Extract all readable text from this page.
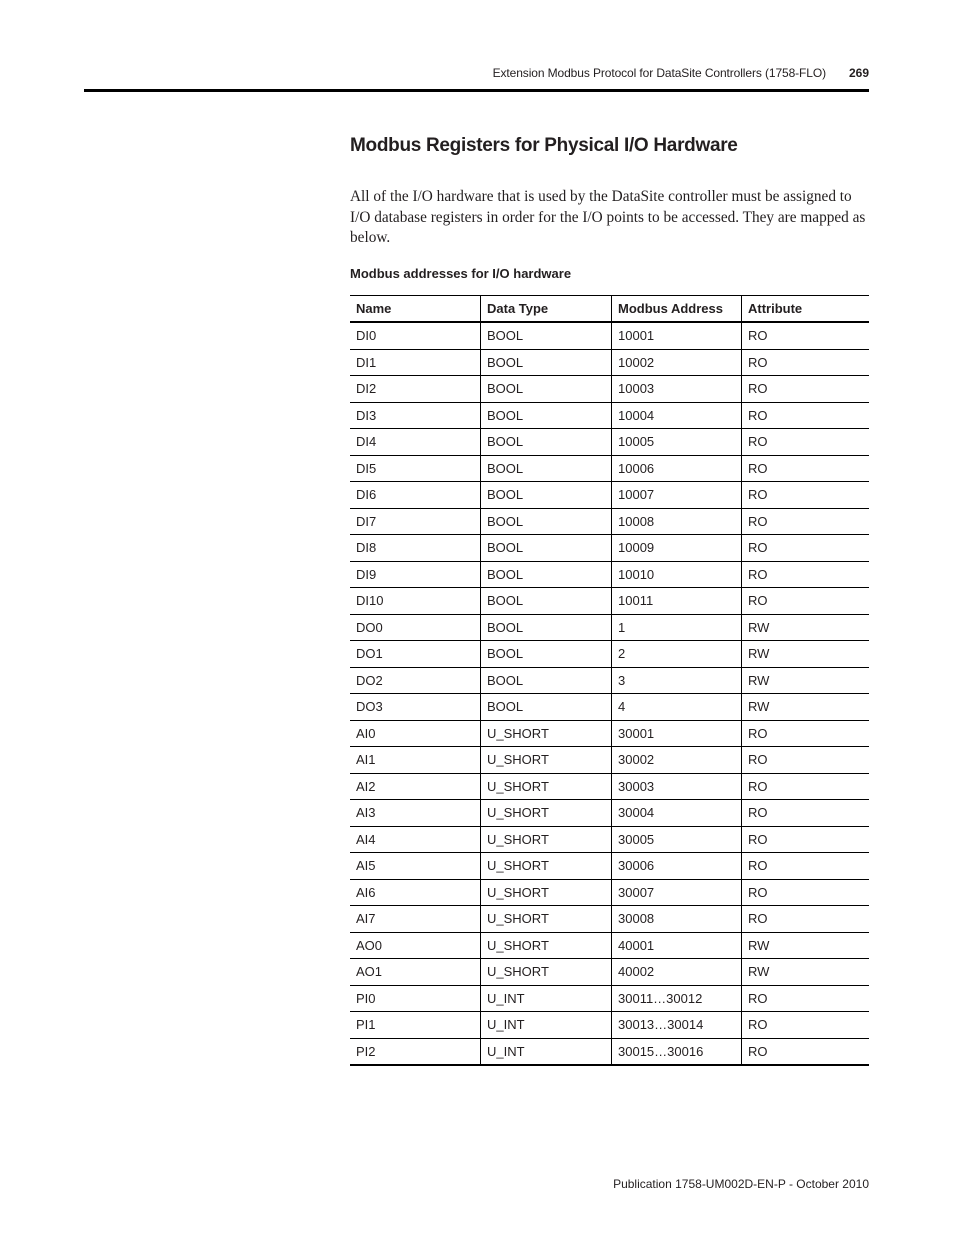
Extension Modbus Protocol for DataSite Controllers (1758-FLO) 269
Modbus Registers for Physical I/O Hardware

All of the I/O hardware that is used by the DataSite controller must be assigned to I/O database registers in order for the I/O points to be accessed. They are mapped as below.

Modbus addresses for I/O hardware

Name	Data Type	Modbus Address	Attribute
DI0	BOOL	10001	RO
DI1	BOOL	10002	RO
DI2	BOOL	10003	RO
DI3	BOOL	10004	RO
DI4	BOOL	10005	RO
DI5	BOOL	10006	RO
DI6	BOOL	10007	RO
DI7	BOOL	10008	RO
DI8	BOOL	10009	RO
DI9	BOOL	10010	RO
DI10	BOOL	10011	RO
DO0	BOOL	1	RW
DO1	BOOL	2	RW
DO2	BOOL	3	RW
DO3	BOOL	4	RW
AI0	U_SHORT	30001	RO
AI1	U_SHORT	30002	RO
AI2	U_SHORT	30003	RO
AI3	U_SHORT	30004	RO
AI4	U_SHORT	30005	RO
AI5	U_SHORT	30006	RO
AI6	U_SHORT	30007	RO
AI7	U_SHORT	30008	RO
AO0	U_SHORT	40001	RW
AO1	U_SHORT	40002	RW
PI0	U_INT	30011…30012	RO
PI1	U_INT	30013…30014	RO
PI2	U_INT	30015…30016	RO
Publication 1758-UM002D-EN-P - October 2010
